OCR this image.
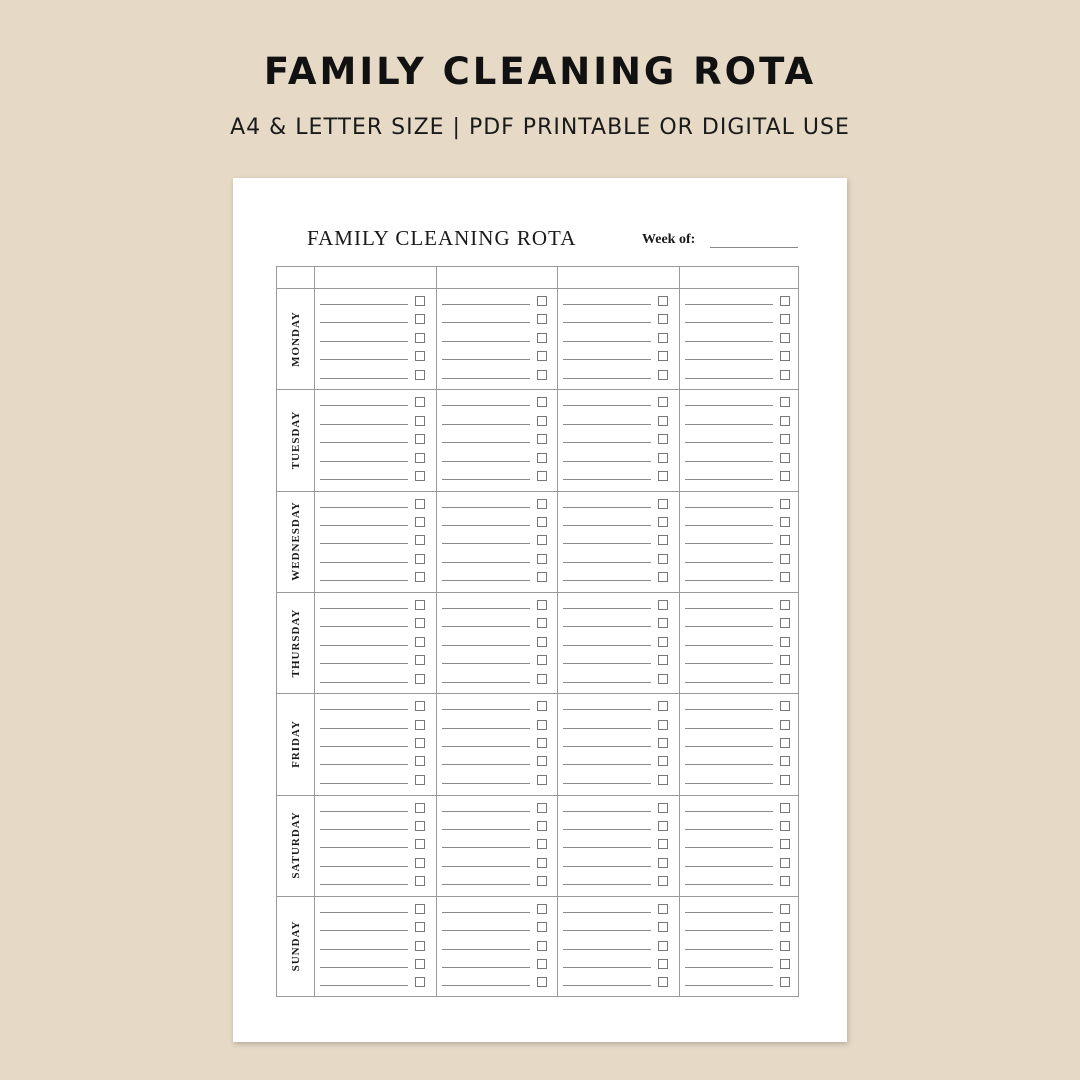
FAMILY CLEANING ROTA
A4 & LETTER SIZE | PDF PRINTABLE OR DIGITAL USE
FAMILY CLEANING ROTA	Week of:
MONDAY
TUESDAY
WEDNESDAY
THURSDAY
FRIDAY
SATURDAY
SUNDAY
